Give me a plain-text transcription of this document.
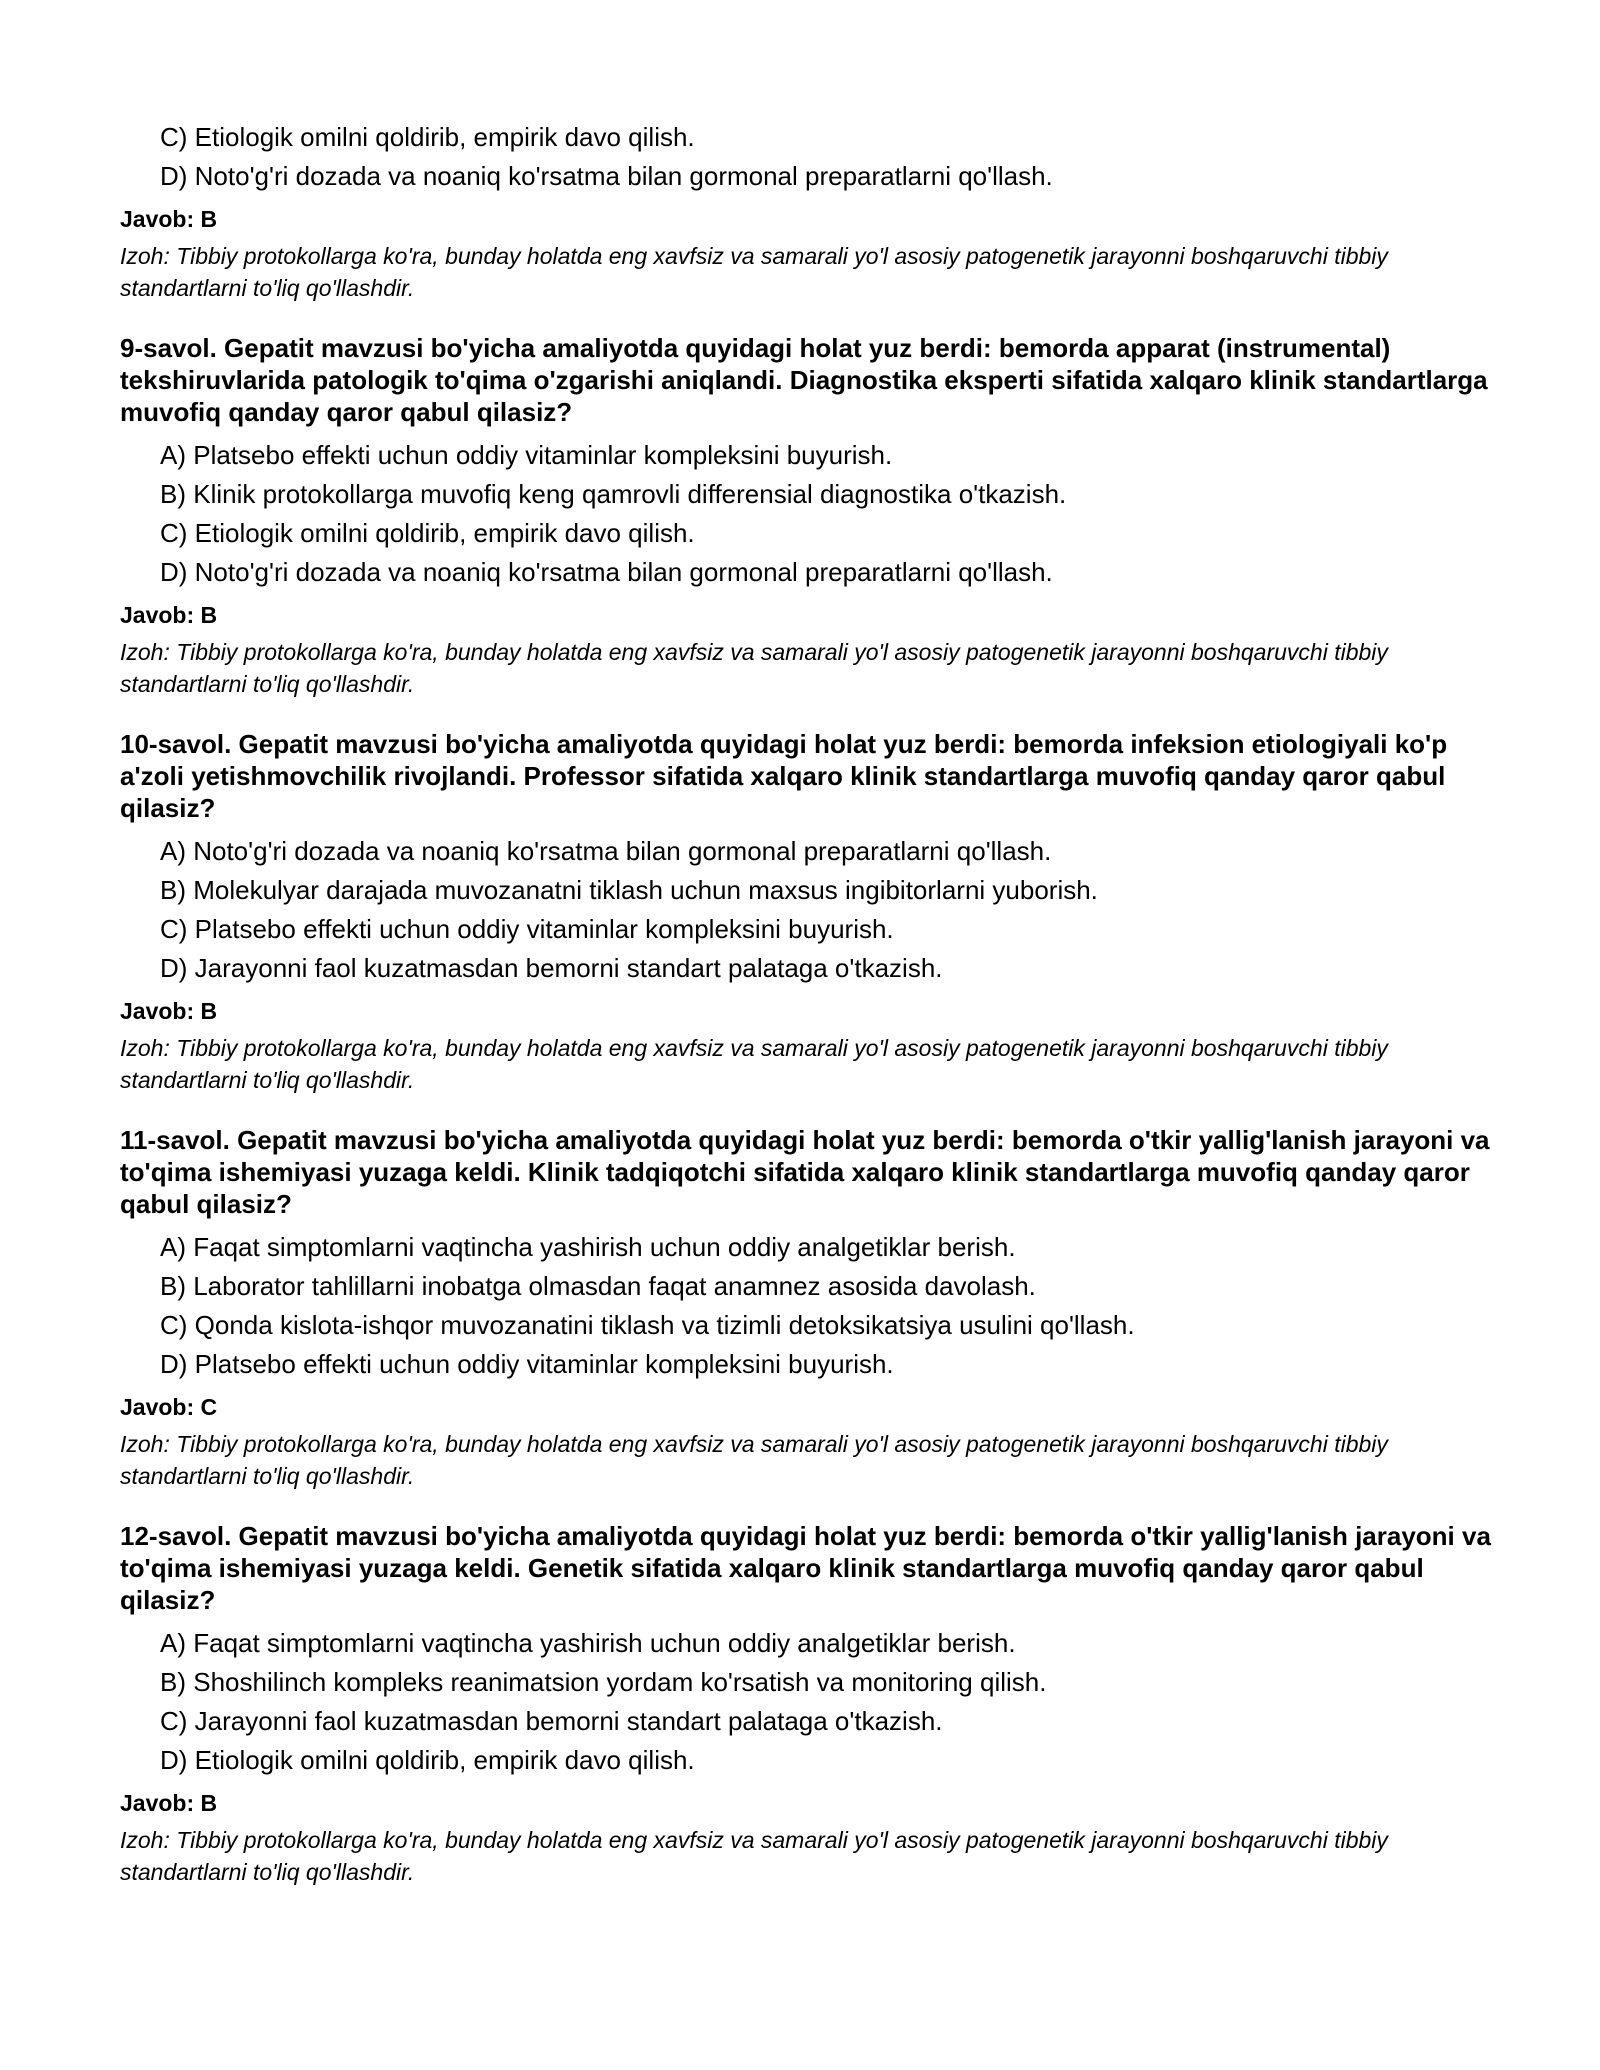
C) Etiologik omilni qoldirib, empirik davo qilish.
D) Noto'g'ri dozada va noaniq ko'rsatma bilan gormonal preparatlarni qo'llash.
Javob: B
Izoh: Tibbiy protokollarga ko'ra, bunday holatda eng xavfsiz va samarali yo'l asosiy patogenetik jarayonni boshqaruvchi tibbiy standartlarni to'liq qo'llashdir.

9-savol. Gepatit mavzusi bo'yicha amaliyotda quyidagi holat yuz berdi: bemorda apparat (instrumental) tekshiruvlarida patologik to'qima o'zgarishi aniqlandi. Diagnostika eksperti sifatida xalqaro klinik standartlarga muvofiq qanday qaror qabul qilasiz?

A) Platsebo effekti uchun oddiy vitaminlar kompleksini buyurish.
B) Klinik protokollarga muvofiq keng qamrovli differensial diagnostika o'tkazish.
C) Etiologik omilni qoldirib, empirik davo qilish.
D) Noto'g'ri dozada va noaniq ko'rsatma bilan gormonal preparatlarni qo'llash.
Javob: B
Izoh: Tibbiy protokollarga ko'ra, bunday holatda eng xavfsiz va samarali yo'l asosiy patogenetik jarayonni boshqaruvchi tibbiy standartlarni to'liq qo'llashdir.

10-savol. Gepatit mavzusi bo'yicha amaliyotda quyidagi holat yuz berdi: bemorda infeksion etiologiyali ko'p a'zoli yetishmovchilik rivojlandi. Professor sifatida xalqaro klinik standartlarga muvofiq qanday qaror qabul qilasiz?

A) Noto'g'ri dozada va noaniq ko'rsatma bilan gormonal preparatlarni qo'llash.
B) Molekulyar darajada muvozanatni tiklash uchun maxsus ingibitorlarni yuborish.
C) Platsebo effekti uchun oddiy vitaminlar kompleksini buyurish.
D) Jarayonni faol kuzatmasdan bemorni standart palataga o'tkazish.
Javob: B
Izoh: Tibbiy protokollarga ko'ra, bunday holatda eng xavfsiz va samarali yo'l asosiy patogenetik jarayonni boshqaruvchi tibbiy standartlarni to'liq qo'llashdir.

11-savol. Gepatit mavzusi bo'yicha amaliyotda quyidagi holat yuz berdi: bemorda o'tkir yallig'lanish jarayoni va to'qima ishemiyasi yuzaga keldi. Klinik tadqiqotchi sifatida xalqaro klinik standartlarga muvofiq qanday qaror qabul qilasiz?

A) Faqat simptomlarni vaqtincha yashirish uchun oddiy analgetiklar berish.
B) Laborator tahlillarni inobatga olmasdan faqat anamnez asosida davolash.
C) Qonda kislota-ishqor muvozanatini tiklash va tizimli detoksikatsiya usulini qo'llash.
D) Platsebo effekti uchun oddiy vitaminlar kompleksini buyurish.
Javob: C
Izoh: Tibbiy protokollarga ko'ra, bunday holatda eng xavfsiz va samarali yo'l asosiy patogenetik jarayonni boshqaruvchi tibbiy standartlarni to'liq qo'llashdir.

12-savol. Gepatit mavzusi bo'yicha amaliyotda quyidagi holat yuz berdi: bemorda o'tkir yallig'lanish jarayoni va to'qima ishemiyasi yuzaga keldi. Genetik sifatida xalqaro klinik standartlarga muvofiq qanday qaror qabul qilasiz?

A) Faqat simptomlarni vaqtincha yashirish uchun oddiy analgetiklar berish.
B) Shoshilinch kompleks reanimatsion yordam ko'rsatish va monitoring qilish.
C) Jarayonni faol kuzatmasdan bemorni standart palataga o'tkazish.
D) Etiologik omilni qoldirib, empirik davo qilish.
Javob: B
Izoh: Tibbiy protokollarga ko'ra, bunday holatda eng xavfsiz va samarali yo'l asosiy patogenetik jarayonni boshqaruvchi tibbiy standartlarni to'liq qo'llashdir.
